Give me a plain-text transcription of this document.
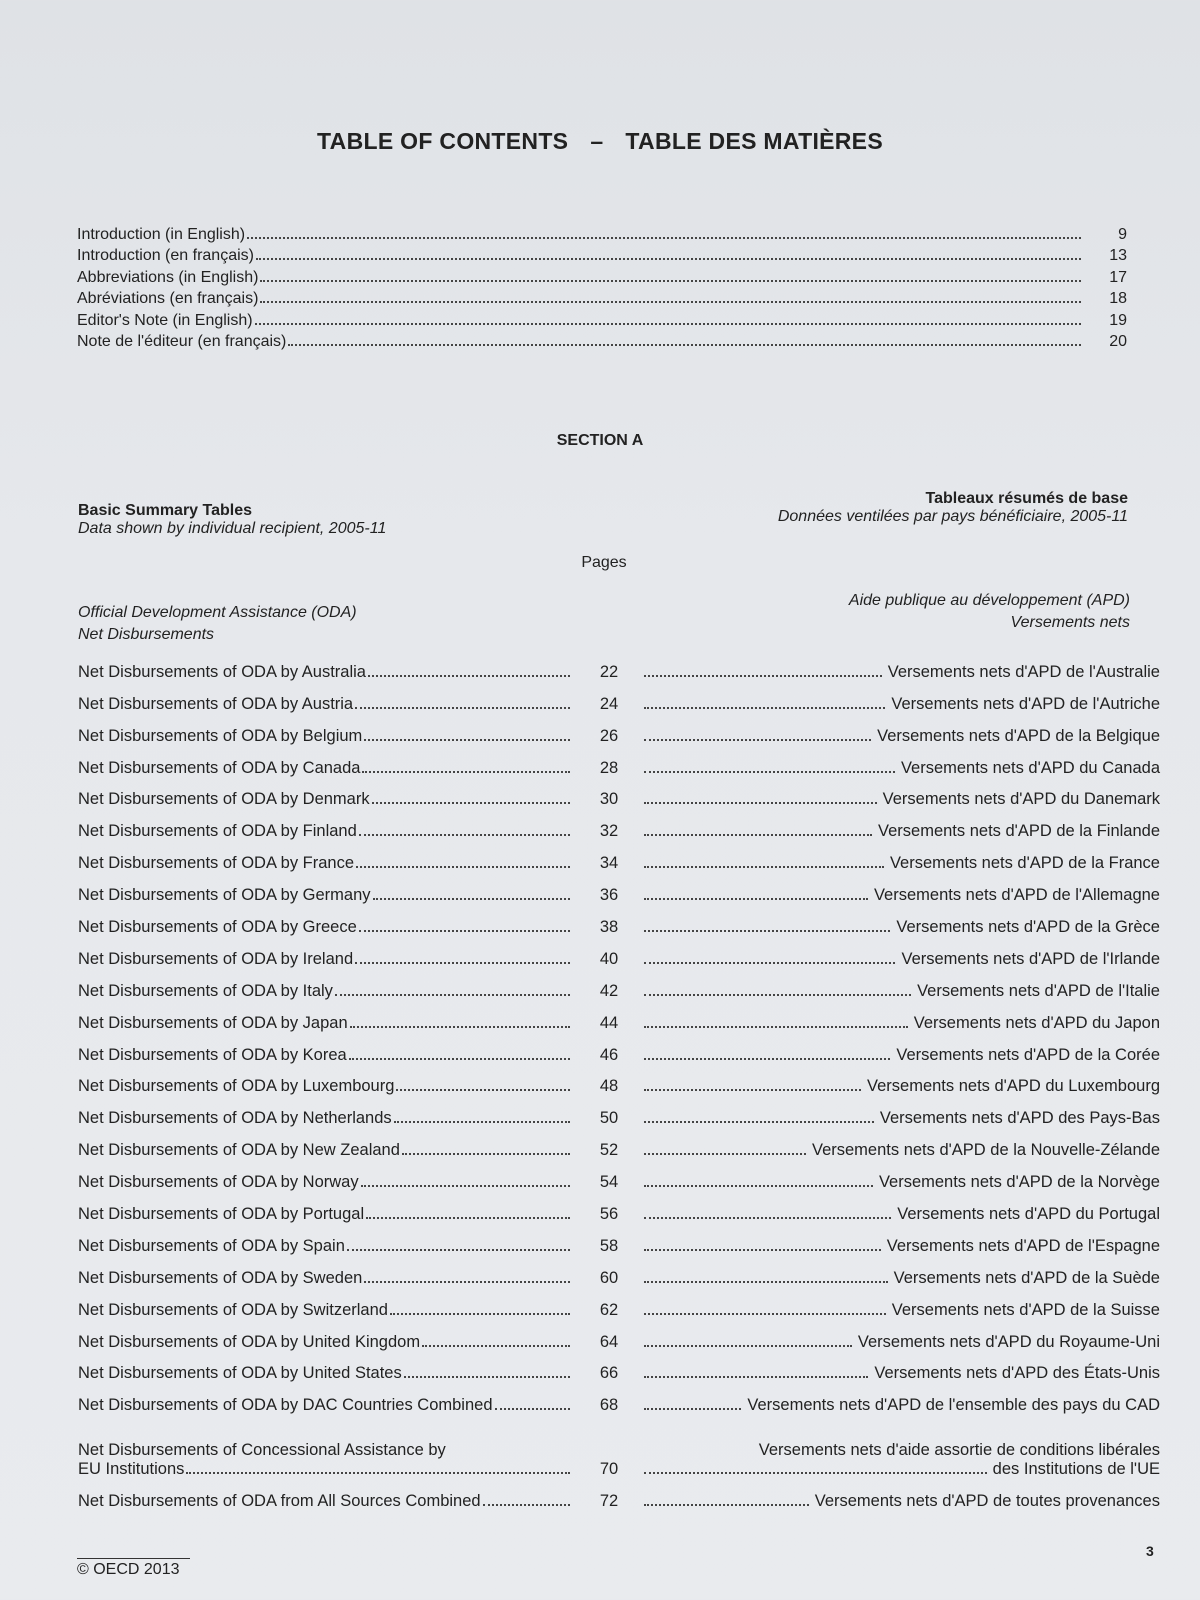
TABLE OF CONTENTS – TABLE DES MATIÈRES
Introduction (in English)	9
Introduction (en français)	13
Abbreviations (in English)	17
Abréviations (en français)	18
Editor's Note (in English)	19
Note de l'éditeur (en français)	20
SECTION A
Basic Summary Tables
Data shown by individual recipient, 2005-11
Tableaux résumés de base
Données ventilées par pays bénéficiaire, 2005-11
Pages
Official Development Assistance (ODA)
Net Disbursements
Aide publique au développement (APD)
Versements nets
Net Disbursements of ODA by Australia	22	Versements nets d'APD de l'Australie
Net Disbursements of ODA by Austria	24	Versements nets d'APD de l'Autriche
Net Disbursements of ODA by Belgium	26	Versements nets d'APD de la Belgique
Net Disbursements of ODA by Canada	28	Versements nets d'APD du Canada
Net Disbursements of ODA by Denmark	30	Versements nets d'APD du Danemark
Net Disbursements of ODA by Finland	32	Versements nets d'APD de la Finlande
Net Disbursements of ODA by France	34	Versements nets d'APD de la France
Net Disbursements of ODA by Germany	36	Versements nets d'APD de l'Allemagne
Net Disbursements of ODA by Greece	38	Versements nets d'APD de la Grèce
Net Disbursements of ODA by Ireland	40	Versements nets d'APD de l'Irlande
Net Disbursements of ODA by Italy	42	Versements nets d'APD de l'Italie
Net Disbursements of ODA by Japan	44	Versements nets d'APD du Japon
Net Disbursements of ODA by Korea	46	Versements nets d'APD de la Corée
Net Disbursements of ODA by Luxembourg	48	Versements nets d'APD du Luxembourg
Net Disbursements of ODA by Netherlands	50	Versements nets d'APD des Pays-Bas
Net Disbursements of ODA by New Zealand	52	Versements nets d'APD de la Nouvelle-Zélande
Net Disbursements of ODA by Norway	54	Versements nets d'APD de la Norvège
Net Disbursements of ODA by Portugal	56	Versements nets d'APD du Portugal
Net Disbursements of ODA by Spain	58	Versements nets d'APD de l'Espagne
Net Disbursements of ODA by Sweden	60	Versements nets d'APD de la Suède
Net Disbursements of ODA by Switzerland	62	Versements nets d'APD de la Suisse
Net Disbursements of ODA by United Kingdom	64	Versements nets d'APD du Royaume-Uni
Net Disbursements of ODA by United States	66	Versements nets d'APD des États-Unis
Net Disbursements of ODA by DAC Countries Combined	68	Versements nets d'APD de l'ensemble des pays du CAD
Net Disbursements of Concessional Assistance by
EU Institutions	70
Versements nets d'aide assortie de conditions libérales
des Institutions de l'UE
Net Disbursements of ODA from All Sources Combined	72	Versements nets d'APD de toutes provenances
© OECD 2013
3
